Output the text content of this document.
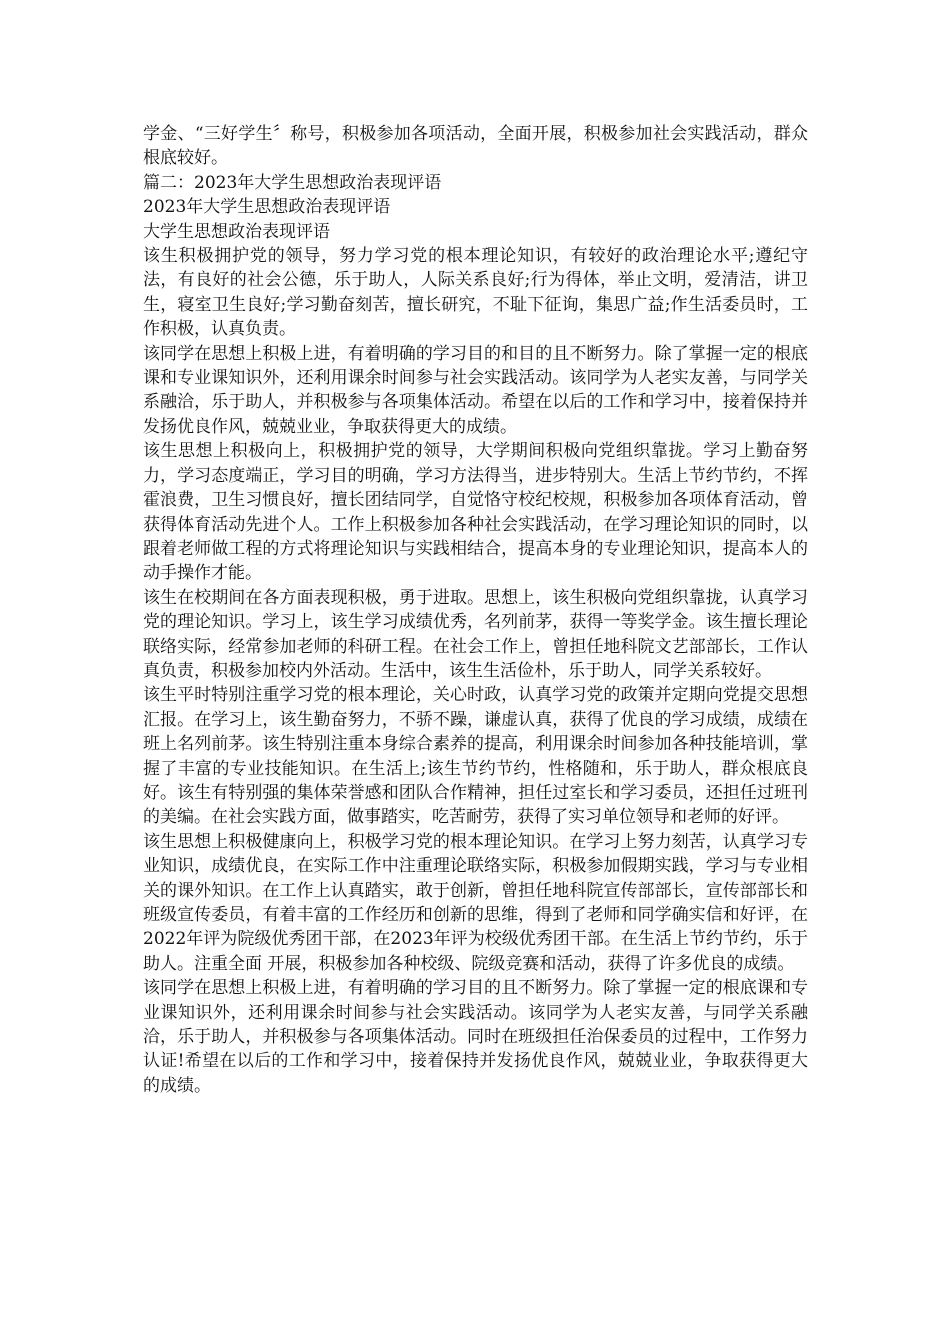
学金、“三好学生〞称号，积极参加各项活动，全面开展，积极参加社会实践活动，群众根底较好。

篇二：2023年大学生思想政治表现评语

2023年大学生思想政治表现评语

大学生思想政治表现评语

该生积极拥护党的领导，努力学习党的根本理论知识，有较好的政治理论水平;遵纪守法，有良好的社会公德，乐于助人，人际关系良好;行为得体，举止文明，爱清洁，讲卫生，寝室卫生良好;学习勤奋刻苦，擅长研究，不耻下征询，集思广益;作生活委员时，工作积极，认真负责。

该同学在思想上积极上进，有着明确的学习目的和目的且不断努力。除了掌握一定的根底课和专业课知识外，还利用课余时间参与社会实践活动。该同学为人老实友善，与同学关系融洽，乐于助人，并积极参与各项集体活动。希望在以后的工作和学习中，接着保持并发扬优良作风，兢兢业业，争取获得更大的成绩。

该生思想上积极向上，积极拥护党的领导，大学期间积极向党组织靠拢。学习上勤奋努力，学习态度端正，学习目的明确，学习方法得当，进步特别大。生活上节约节约，不挥霍浪费，卫生习惯良好，擅长团结同学，自觉恪守校纪校规，积极参加各项体育活动，曾获得体育活动先进个人。工作上积极参加各种社会实践活动，在学习理论知识的同时，以跟着老师做工程的方式将理论知识与实践相结合，提高本身的专业理论知识，提高本人的动手操作才能。

该生在校期间在各方面表现积极，勇于进取。思想上，该生积极向党组织靠拢，认真学习党的理论知识。学习上，该生学习成绩优秀，名列前茅，获得一等奖学金。该生擅长理论联络实际，经常参加老师的科研工程。在社会工作上，曾担任地科院文艺部部长，工作认真负责，积极参加校内外活动。生活中，该生生活俭朴，乐于助人，同学关系较好。

该生平时特别注重学习党的根本理论，关心时政，认真学习党的政策并定期向党提交思想汇报。在学习上，该生勤奋努力，不骄不躁，谦虚认真，获得了优良的学习成绩，成绩在班上名列前茅。该生特别注重本身综合素养的提高，利用课余时间参加各种技能培训，掌握了丰富的专业技能知识。在生活上;该生节约节约，性格随和，乐于助人，群众根底良好。该生有特别强的集体荣誉感和团队合作精神，担任过室长和学习委员，还担任过班刊的美编。在社会实践方面，做事踏实，吃苦耐劳，获得了实习单位领导和老师的好评。

该生思想上积极健康向上，积极学习党的根本理论知识。在学习上努力刻苦，认真学习专业知识，成绩优良，在实际工作中注重理论联络实际，积极参加假期实践，学习与专业相关的课外知识。在工作上认真踏实，敢于创新，曾担任地科院宣传部部长，宣传部部长和班级宣传委员，有着丰富的工作经历和创新的思维，得到了老师和同学确实信和好评，在2022年评为院级优秀团干部，在2023年评为校级优秀团干部。在生活上节约节约，乐于助人。注重全面 开展，积极参加各种校级、院级竞赛和活动，获得了许多优良的成绩。

该同学在思想上积极上进，有着明确的学习目的且不断努力。除了掌握一定的根底课和专业课知识外，还利用课余时间参与社会实践活动。该同学为人老实友善，与同学关系融洽，乐于助人，并积极参与各项集体活动。同时在班级担任治保委员的过程中，工作努力认证!希望在以后的工作和学习中，接着保持并发扬优良作风，兢兢业业，争取获得更大的成绩。
